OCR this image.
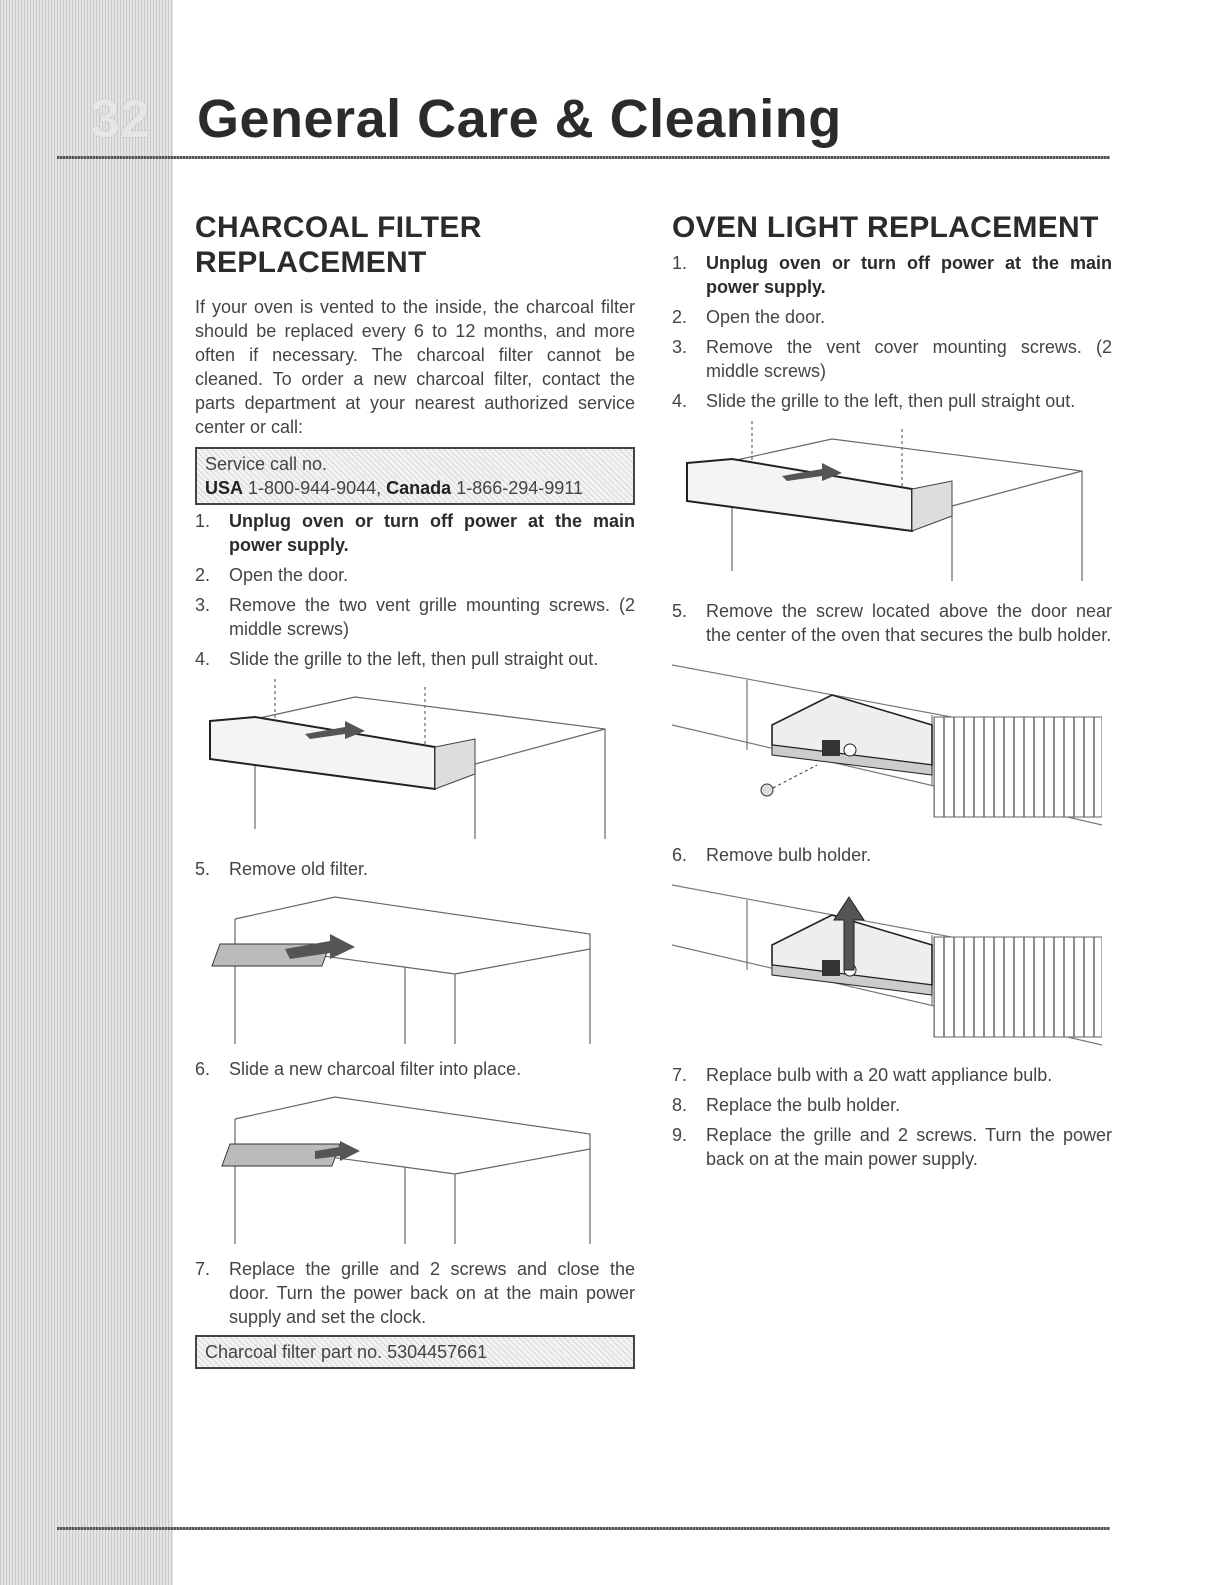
32 General Care & Cleaning
CHARCOAL FILTER REPLACEMENT

If your oven is vented to the inside, the charcoal filter should be replaced every 6 to 12 months, and more often if necessary. The charcoal filter cannot be cleaned. To order a new charcoal filter, contact the parts department at your nearest authorized service center or call:

Service call no.
USA 1-800-944-9044, Canada 1-866-294-9911
1. Unplug oven or turn off power at the main power supply.
2. Open the door.
3. Remove the two vent grille mounting screws. (2 middle screws)
4. Slide the grille to the left, then pull straight out.
5. Remove old filter.
6. Slide a new charcoal filter into place.
7. Replace the grille and 2 screws and close the door. Turn the power back on at the main power supply and set the clock.
Charcoal filter part no. 5304457661
OVEN LIGHT REPLACEMENT
1. Unplug oven or turn off power at the main power supply.
2. Open the door.
3. Remove the vent cover mounting screws. (2 middle screws)
4. Slide the grille to the left, then pull straight out.
5. Remove the screw located above the door near the center of the oven that secures the bulb holder.
6. Remove bulb holder.
7. Replace bulb with a 20 watt appliance bulb.
8. Replace the bulb holder.
9. Replace the grille and 2 screws. Turn the power back on at the main power supply.
